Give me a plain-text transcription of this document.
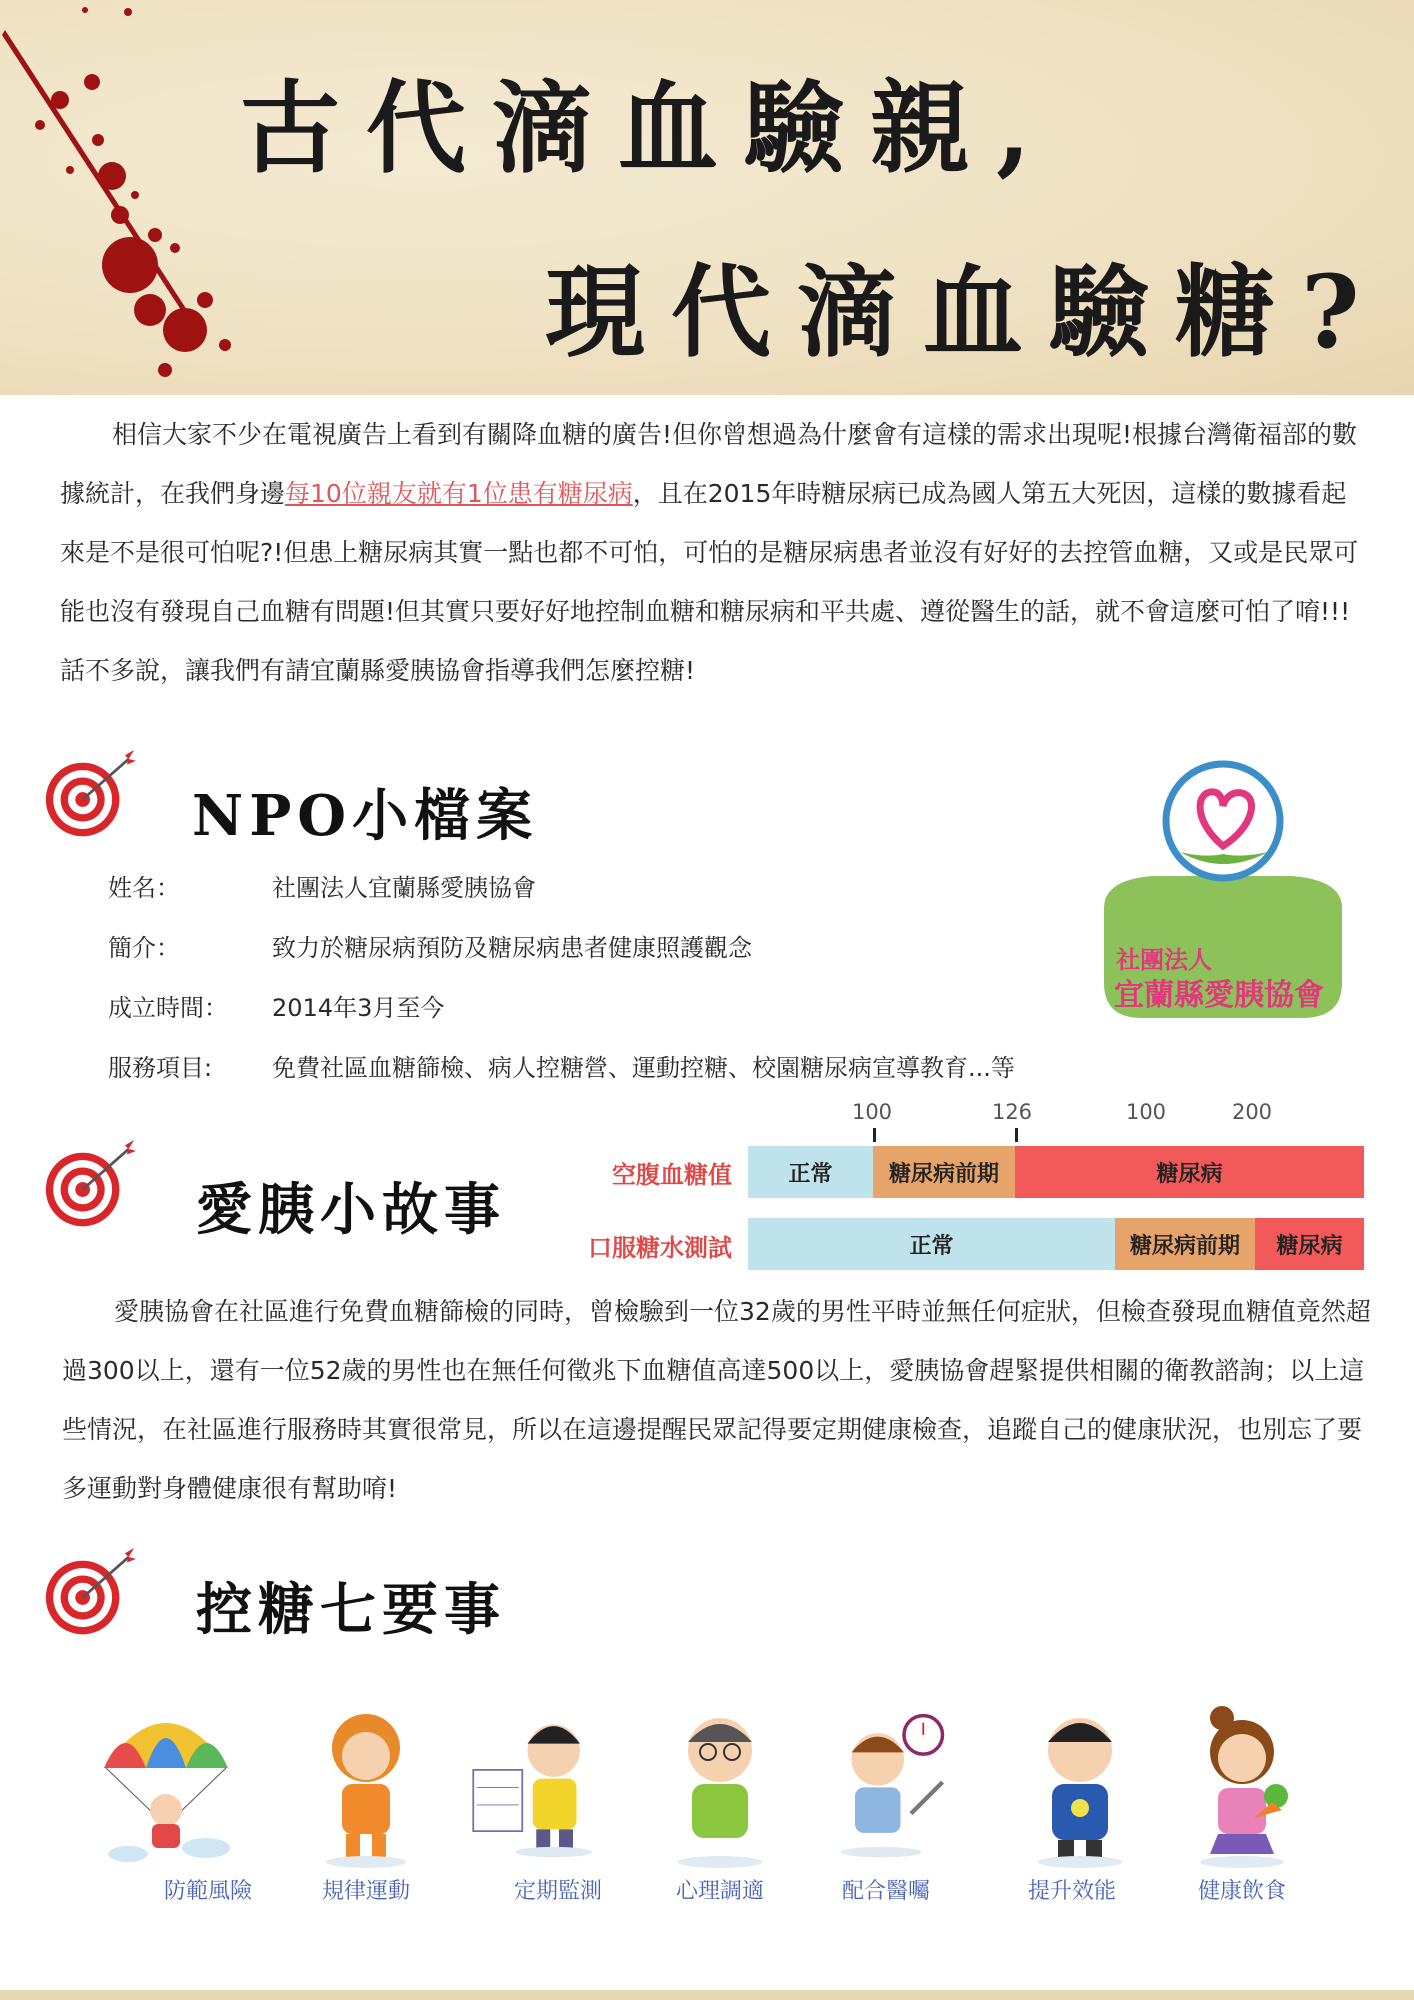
古代滴血驗親,
現代滴血驗糖?
相信大家不少在電視廣告上看到有關降血糖的廣告!但你曾想過為什麼會有這樣的需求出現呢!根據台灣衛福部的數據統計，在我們身邊每10位親友就有1位患有糖尿病，且在2015年時糖尿病已成為國人第五大死因，這樣的數據看起來是不是很可怕呢?!但患上糖尿病其實一點也都不可怕，可怕的是糖尿病患者並沒有好好的去控管血糖，又或是民眾可能也沒有發現自己血糖有問題!但其實只要好好地控制血糖和糖尿病和平共處、遵從醫生的話，就不會這麼可怕了唷!!! 話不多說，讓我們有請宜蘭縣愛胰協會指導我們怎麼控糖!
NPO小檔案
姓名：	社團法人宜蘭縣愛胰協會
簡介：	致力於糖尿病預防及糖尿病患者健康照護觀念
成立時間： 2014年3月至今
服務項目: 免費社區血糖篩檢、病人控糖營、運動控糖、校園糖尿病宣導教育...等
社團法人
宜蘭縣愛胰協會
愛胰小故事
100	126	100	200
空腹血糖值	正常	糖尿病前期	糖尿病
口服糖水測試	正常	糖尿病前期	糖尿病
愛胰協會在社區進行免費血糖篩檢的同時，曾檢驗到一位32歲的男性平時並無任何症狀，但檢查發現血糖值竟然超過300以上，還有一位52歲的男性也在無任何徵兆下血糖值高達500以上，愛胰協會趕緊提供相關的衛教諮詢；以上這些情況，在社區進行服務時其實很常見，所以在這邊提醒民眾記得要定期健康檢查，追蹤自己的健康狀況，也別忘了要多運動對身體健康很有幫助唷!
控糖七要事
防範風險	規律運動	定期監測	心理調適	配合醫囑	提升效能	健康飲食
